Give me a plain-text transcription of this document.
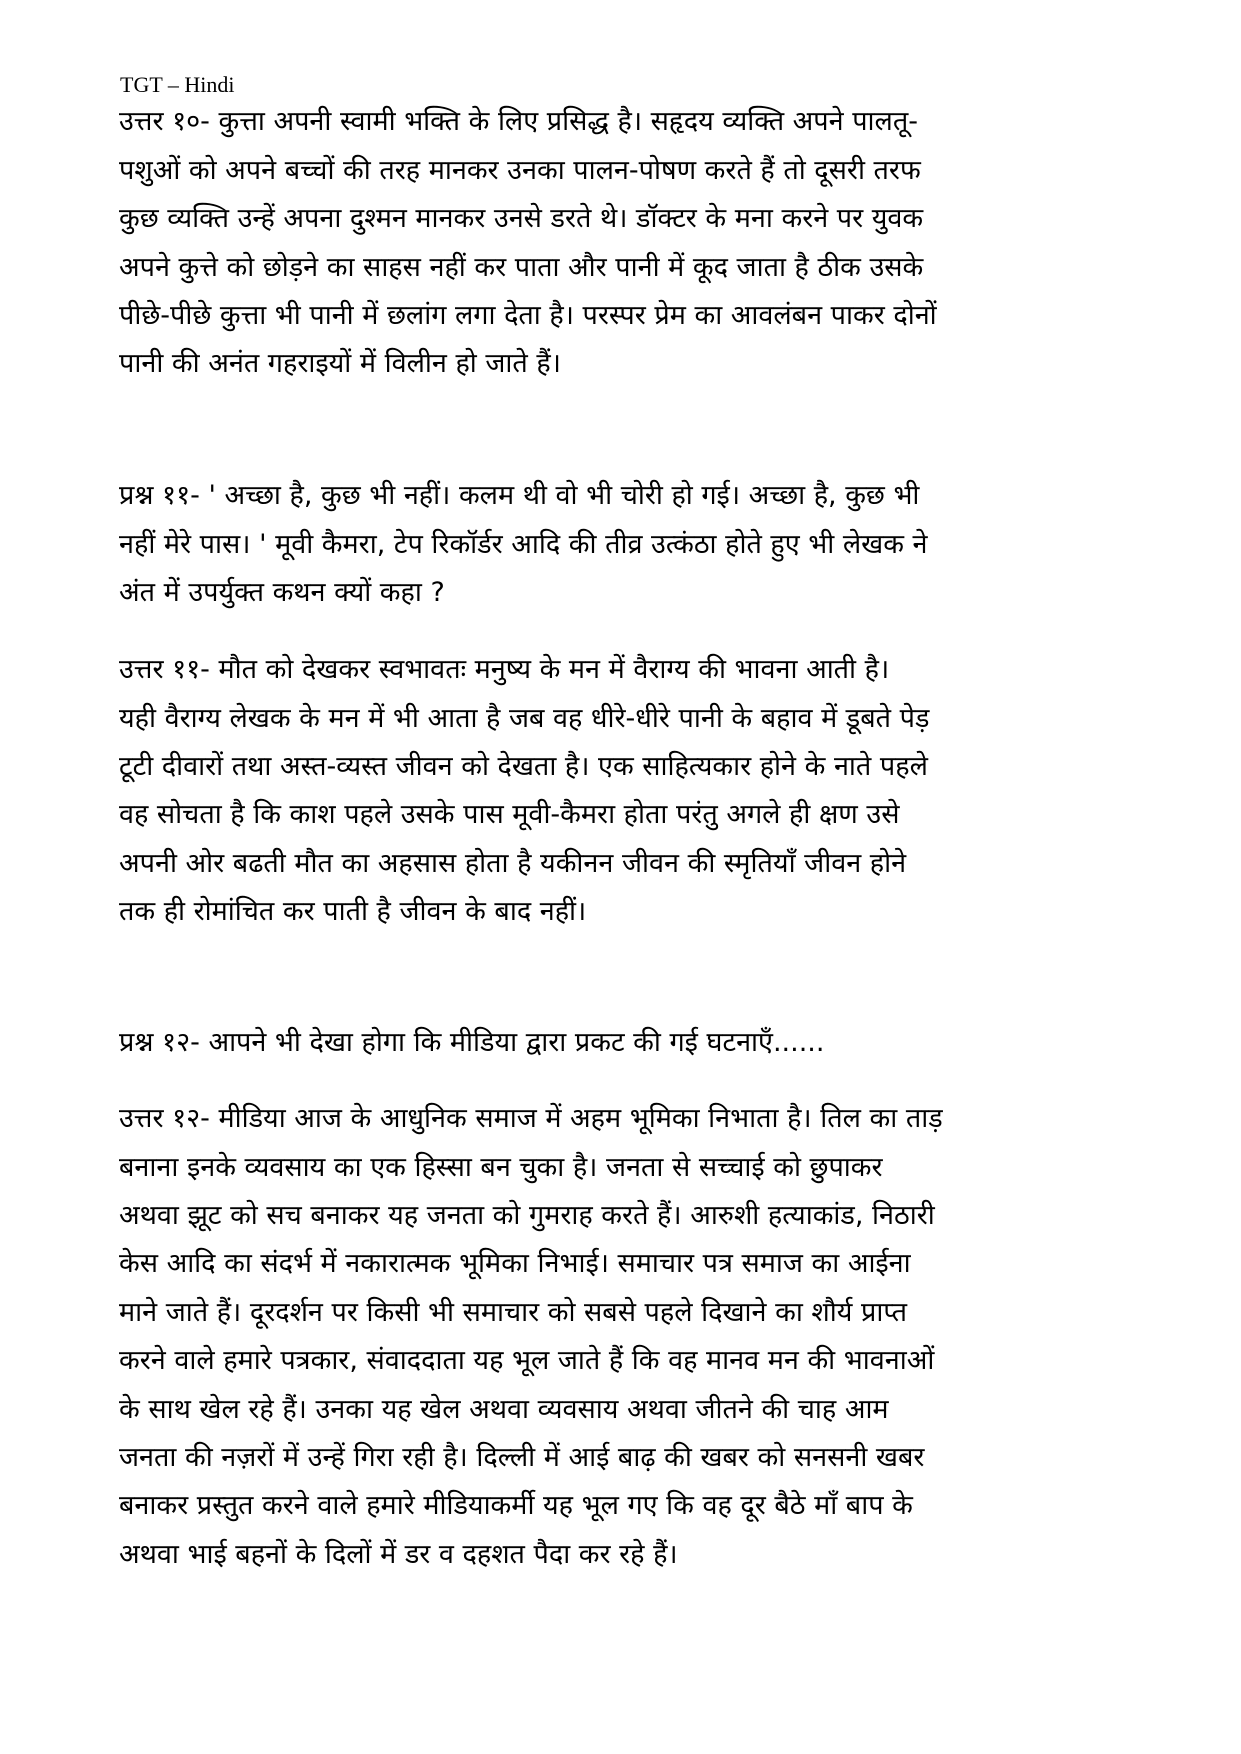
TGT – Hindi
उत्तर १०- कुत्ता अपनी स्वामी भक्ति के लिए प्रसिद्ध है। सहृदय व्यक्ति अपने पालतू-
पशुओं को अपने बच्चों की तरह मानकर उनका पालन-पोषण करते हैं तो दूसरी तरफ
कुछ व्यक्ति उन्हें अपना दुश्मन मानकर उनसे डरते थे। डॉक्टर के मना करने पर युवक
अपने कुत्ते को छोड़ने का साहस नहीं कर पाता और पानी में कूद जाता है ठीक उसके
पीछे-पीछे कुत्ता भी पानी में छलांग लगा देता है। परस्पर प्रेम का आवलंबन पाकर दोनों
पानी की अनंत गहराइयों में विलीन हो जाते हैं।
प्रश्न ११- ' अच्छा है, कुछ भी नहीं। कलम थी वो भी चोरी हो गई। अच्छा है, कुछ भी
नहीं मेरे पास। ' मूवी कैमरा, टेप रिकॉर्डर आदि की तीव्र उत्कंठा होते हुए भी लेखक ने
अंत में उपर्युक्त कथन क्यों कहा ?
उत्तर ११- मौत को देखकर स्वभावतः मनुष्य के मन में वैराग्य की भावना आती है।
यही वैराग्य लेखक के मन में भी आता है जब वह धीरे-धीरे पानी के बहाव में डूबते पेड़
टूटी दीवारों तथा अस्त-व्यस्त जीवन को देखता है। एक साहित्यकार होने के नाते पहले
वह सोचता है कि काश पहले उसके पास मूवी-कैमरा होता परंतु अगले ही क्षण उसे
अपनी ओर बढती मौत का अहसास होता है यकीनन जीवन की स्मृतियाँ जीवन होने
तक ही रोमांचित कर पाती है जीवन के बाद नहीं।
प्रश्न १२- आपने भी देखा होगा कि मीडिया द्वारा प्रकट की गई घटनाएँ......
उत्तर १२- मीडिया आज के आधुनिक समाज में अहम भूमिका निभाता है। तिल का ताड़
बनाना इनके व्यवसाय का एक हिस्सा बन चुका है। जनता से सच्चाई को छुपाकर
अथवा झूट को सच बनाकर यह जनता को गुमराह करते हैं। आरुशी हत्याकांड, निठारी
केस आदि का संदर्भ में नकारात्मक भूमिका निभाई। समाचार पत्र समाज का आईना
माने जाते हैं। दूरदर्शन पर किसी भी समाचार को सबसे पहले दिखाने का शौर्य प्राप्त
करने वाले हमारे पत्रकार, संवाददाता यह भूल जाते हैं कि वह मानव मन की भावनाओं
के साथ खेल रहे हैं। उनका यह खेल अथवा व्यवसाय अथवा जीतने की चाह आम
जनता की नज़रों में उन्हें गिरा रही है। दिल्ली में आई बाढ़ की खबर को सनसनी खबर
बनाकर प्रस्तुत करने वाले हमारे मीडियाकर्मी यह भूल गए कि वह दूर बैठे माँ बाप के
अथवा भाई बहनों के दिलों में डर व दहशत पैदा कर रहे हैं।
